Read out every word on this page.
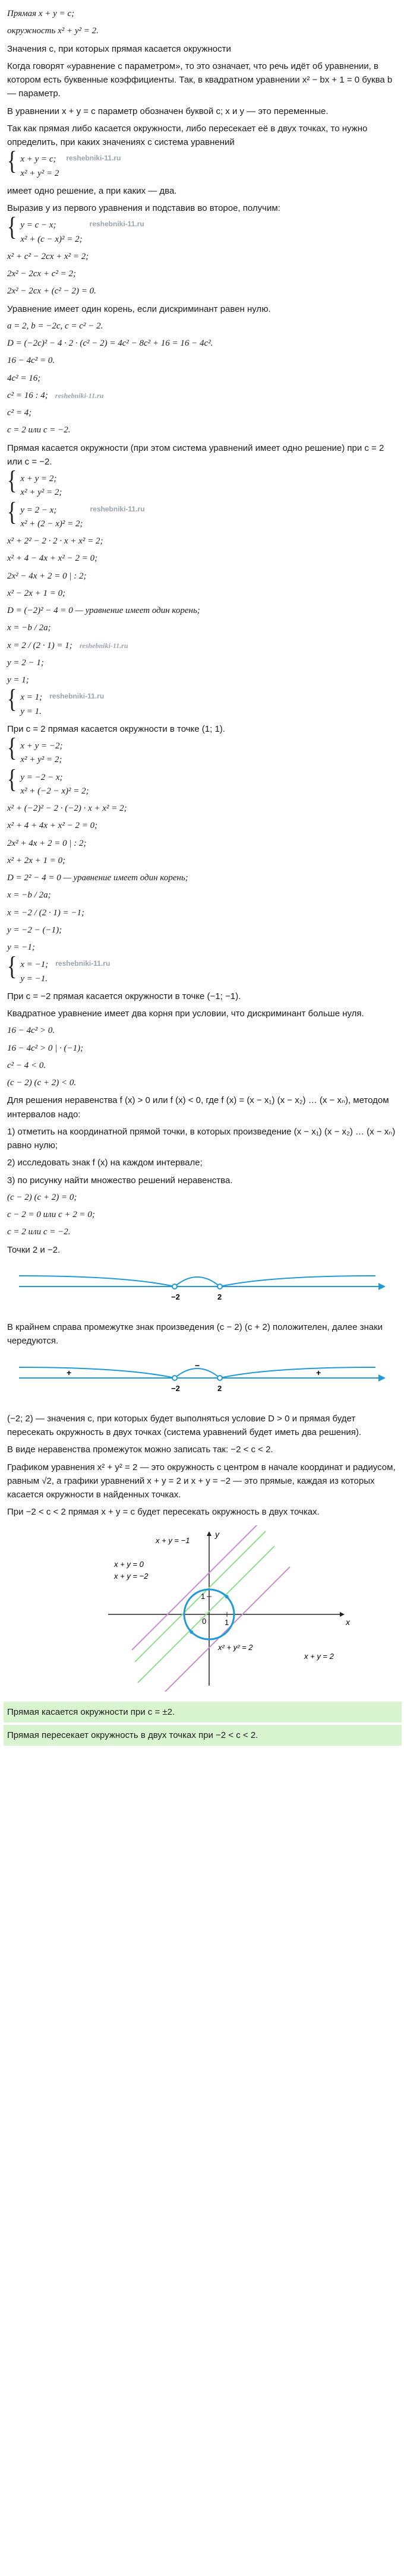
Прямая x + y = c;
окружность x² + y² = 2.
Значения c, при которых прямая касается окружности
Когда говорят «уравнение с параметром», то это означает, что речь идёт об уравнении, в котором есть буквенные коэффициенты. Так, в квадратном уравнении x² − bx + 1 = 0 буква b — параметр.
В уравнении x + y = c параметр обозначен буквой c; x и y — это переменные.
Так как прямая либо касается окружности, либо пересекает её в двух точках, то нужно определить, при каких значениях c система уравнений
{ x + y = c;
x² + y² = 2
reshebniki-11.ru
имеет одно решение, а при каких — два.
Выразив y из первого уравнения и подставив во второе, получим:
{ y = c − x;
x² + (c − x)² = 2;
reshebniki-11.ru
x² + c² − 2cx + x² = 2;
2x² − 2cx + c² = 2;
2x² − 2cx + (c² − 2) = 0.
Уравнение имеет один корень, если дискриминант равен нулю.
a = 2, b = −2c, c = c² − 2.
D = (−2c)² − 4 · 2 · (c² − 2) = 4c² − 8c² + 16 = 16 − 4c².
16 − 4c² = 0.
4c² = 16;
c² = 16 : 4; reshebniki-11.ru
c² = 4;
c = 2 или c = −2.
Прямая касается окружности (при этом система уравнений имеет одно решение) при c = 2 или c = −2.
{ x + y = 2;
x² + y² = 2;
{ y = 2 − x;
x² + (2 − x)² = 2;
reshebniki-11.ru
x² + 2² − 2 · 2 · x + x² = 2;
x² + 4 − 4x + x² − 2 = 0;
2x² − 4x + 2 = 0 | : 2;
x² − 2x + 1 = 0;
D = (−2)² − 4 = 0 — уравнение имеет один корень;
x = −b / 2a;
x = 2 / (2 · 1) = 1; reshebniki-11.ru
y = 2 − 1;
y = 1;
{ x = 1;
y = 1.
reshebniki-11.ru
При c = 2 прямая касается окружности в точке (1; 1).
{ x + y = −2;
x² + y² = 2;
{ y = −2 − x;
x² + (−2 − x)² = 2;
x² + (−2)² − 2 · (−2) · x + x² = 2;
x² + 4 + 4x + x² − 2 = 0;
2x² + 4x + 2 = 0 | : 2;
x² + 2x + 1 = 0;
D = 2² − 4 = 0 — уравнение имеет один корень;
x = −b / 2a;
x = −2 / (2 · 1) = −1;
y = −2 − (−1);
y = −1;
{ x = −1;
y = −1.
reshebniki-11.ru
При c = −2 прямая касается окружности в точке (−1; −1).
Квадратное уравнение имеет два корня при условии, что дискриминант больше нуля.
16 − 4c² > 0.
16 − 4c² > 0 | · (−1);
c² − 4 < 0.
(c − 2) (c + 2) < 0.
Для решения неравенства f (x) > 0 или f (x) < 0, где f (x) = (x − x₁) (x − x₂) … (x − xₙ), методом интервалов надо:
1) отметить на координатной прямой точки, в которых произведение (x − x₁) (x − x₂) … (x − xₙ) равно нулю;
2) исследовать знак f (x) на каждом интервале;
3) по рисунку найти множество решений неравенства.
(c − 2) (c + 2) = 0;
c − 2 = 0 или c + 2 = 0;
c = 2 или c = −2.
Точки 2 и −2.
−2	2
В крайнем справа промежутке знак произведения (c − 2) (c + 2) положителен, далее знаки чередуются.
+
−
+
−2	2
(−2; 2) — значения c, при которых будет выполняться условие D > 0 и прямая будет пересекать окружность в двух точках (система уравнений будет иметь два решения).
В виде неравенства промежуток можно записать так: −2 < c < 2.
Графиком уравнения x² + y² = 2 — это окружность с центром в начале координат и радиусом, равным √2, а графики уравнений x + y = 2 и x + y = −2 — это прямые, каждая из которых касается окружности в найденных точках.
При −2 < c < 2 прямая x + y = c будет пересекать окружность в двух точках.
x
y
0 1
1
x + y = −1
x + y = 0
x + y = −2
x² + y² = 2
x + y = 2
Прямая касается окружности при c = ±2.
Прямая пересекает окружность в двух точках при −2 < c < 2.
